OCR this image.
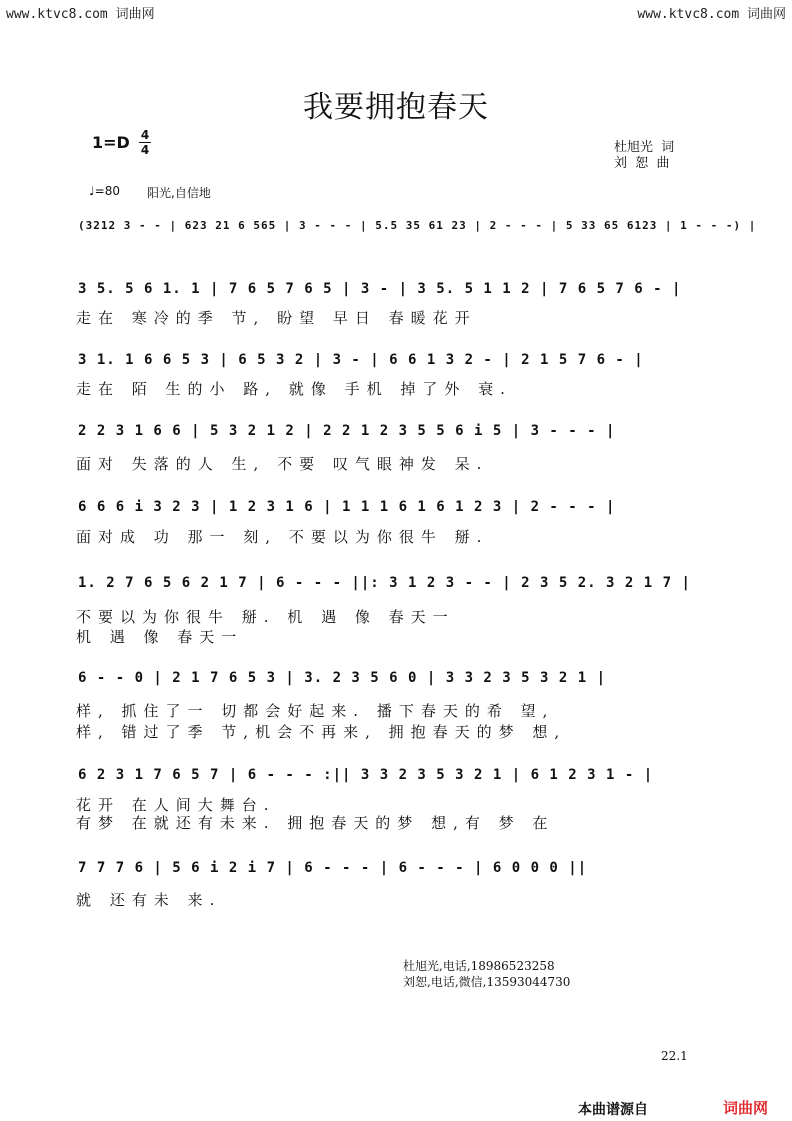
www.ktvc8.com 词曲网	www.ktvc8.com 词曲网
我要拥抱春天
1=D 4
4	杜旭光  词
刘  恕  曲
♩=80 阳光,自信地
(3212 3 - - | 623 21 6 565 | 3 - - - | 5.5 35 61 23 | 2 - - - | 5 33 65 6123 | 1 - - -) |
3 5. 5 6 1. 1 | 7 6 5 7 6 5 | 3 - | 3 5. 5 1 1 2 | 7 6 5 7 6 - |
走在 寒冷的季 节, 盼望 早日 春暖花开
3 1. 1 6 6 5 3 | 6 5 3 2 | 3 - | 6 6 1 3 2 - | 2 1 5 7 6 - |
走在 陌 生的小 路, 就像 手机 掉了外 衰.
2 2 3 1 6 6 | 5 3 2 1 2 | 2 2 1 2 3 5 5 6 i 5 | 3 - - - |
面对 失落的人 生, 不要 叹气眼神发 呆.
6 6 6 i 3 2 3 | 1 2 3 1 6 | 1 1 1 6 1 6 1 2 3 | 2 - - - |
面对成 功 那一 刻, 不要以为你很牛 掰.
1. 2 7 6 5 6 2 1 7 | 6 - - - ||: 3 1 2 3 - - | 2 3 5 2. 3 2 1 7 |
不要以为你很牛 掰. 机 遇 像 春天一
机 遇 像 春天一
6 - - 0 | 2 1 7 6 5 3 | 3. 2 3 5 6 0 | 3 3 2 3 5 3 2 1 |
样, 抓住了一 切都会好起来. 播下春天的希 望,
样, 错过了季 节,机会不再来, 拥抱春天的梦 想,
6 2 3 1 7 6 5 7 | 6 - - - :|| 3 3 2 3 5 3 2 1 | 6 1 2 3 1 - |
花开 在人间大舞台.
有梦 在就还有未来. 拥抱春天的梦 想,有 梦 在
7 7 7 6 | 5 6 i 2 i 7 | 6 - - - | 6 - - - | 6 0 0 0 ||
就 还有未 来.
杜旭光,电话,18986523258
刘恕,电话,微信,13593044730
22.1
本曲谱源自	词曲网
